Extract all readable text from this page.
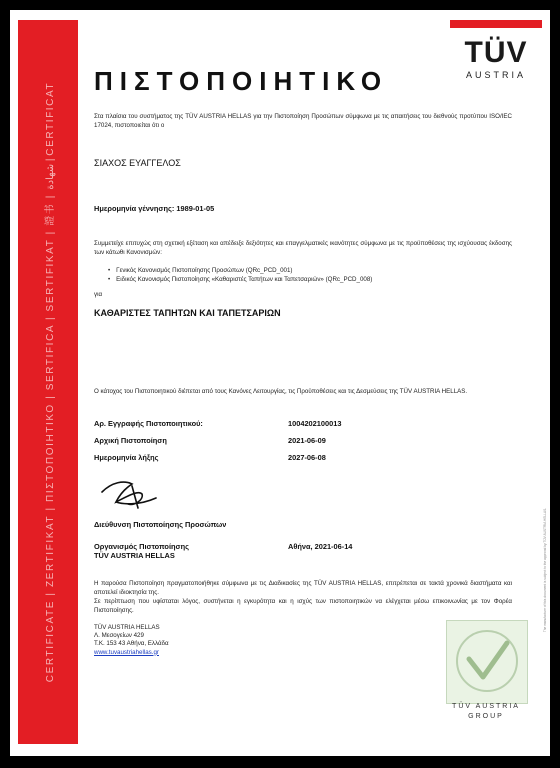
CERTIFICATE | ZERTIFIKAT | ΠΙΣΤΟΠΟΙΗΤΙΚΟ | SERTIFICA | SERTIFIKAT | 證书 | شهادة | CERTIFICAT
TÜV
AUSTRIA
ΠΙΣΤΟΠΟΙΗΤΙΚΟ
Στα πλαίσια του συστήματος της TÜV AUSTRIA HELLAS για την Πιστοποίηση Προσώπων σύμφωνα με τις απαιτήσεις του διεθνούς προτύπου ISO/IEC 17024, πιστοποιείται ότι ο
ΣΙΑΧΟΣ ΕΥΑΓΓΕΛΟΣ
Ημερομηνία γέννησης: 1989-01-05
Συμμετείχε επιτυχώς στη σχετική εξέταση και απέδειξε δεξιότητες και επαγγελματικές ικανότητες σύμφωνα με τις προϋποθέσεις της ισχύουσας έκδοσης των κάτωθι Κανονισμών:
• Γενικός Κανονισμός Πιστοποίησης Προσώπων (QRc_PCD_001)
• Ειδικός Κανονισμός Πιστοποίησης «Καθαριστές Ταπήτων και Ταπετσαριών» (QRc_PCD_008)
για
ΚΑΘΑΡΙΣΤΕΣ ΤΑΠΗΤΩΝ ΚΑΙ ΤΑΠΕΤΣΑΡΙΩΝ
Ο κάτοχος του Πιστοποιητικού διέπεται από τους Κανόνες Λειτουργίας, τις Προϋποθέσεις και τις Δεσμεύσεις της TÜV AUSTRIA HELLAS.
Αρ. Εγγραφής Πιστοποιητικού:	1004202100013
Αρχική Πιστοποίηση	2021-06-09
Ημερομηνία λήξης	2027-06-08
Διεύθυνση Πιστοποίησης Προσώπων
Οργανισμός Πιστοποίησης
TÜV AUSTRIA HELLAS
Αθήνα, 2021-06-14
Η παρούσα Πιστοποίηση πραγματοποιήθηκε σύμφωνα με τις Διαδικασίες της TÜV AUSTRIA HELLAS, επιτρέπεται σε τακτά χρονικά διαστήματα και αποτελεί ιδιοκτησία της.
Σε περίπτωση που υφίσταται λόγος, συστήνεται η εγκυρότητα και η ισχύς των πιστοποιητικών να ελέγχεται μέσω επικοινωνίας με τον Φορέα Πιστοποίησης.
TÜV AUSTRIA HELLAS
Λ. Μεσογείων 429
Τ.Κ. 153 43 Αθήνα, Ελλάδα
www.tuvaustriahellas.gr
TÜV AUSTRIA
GROUP
The manufacture of this document is subject to the approval by TÜV AUSTRIA HELLAS.
